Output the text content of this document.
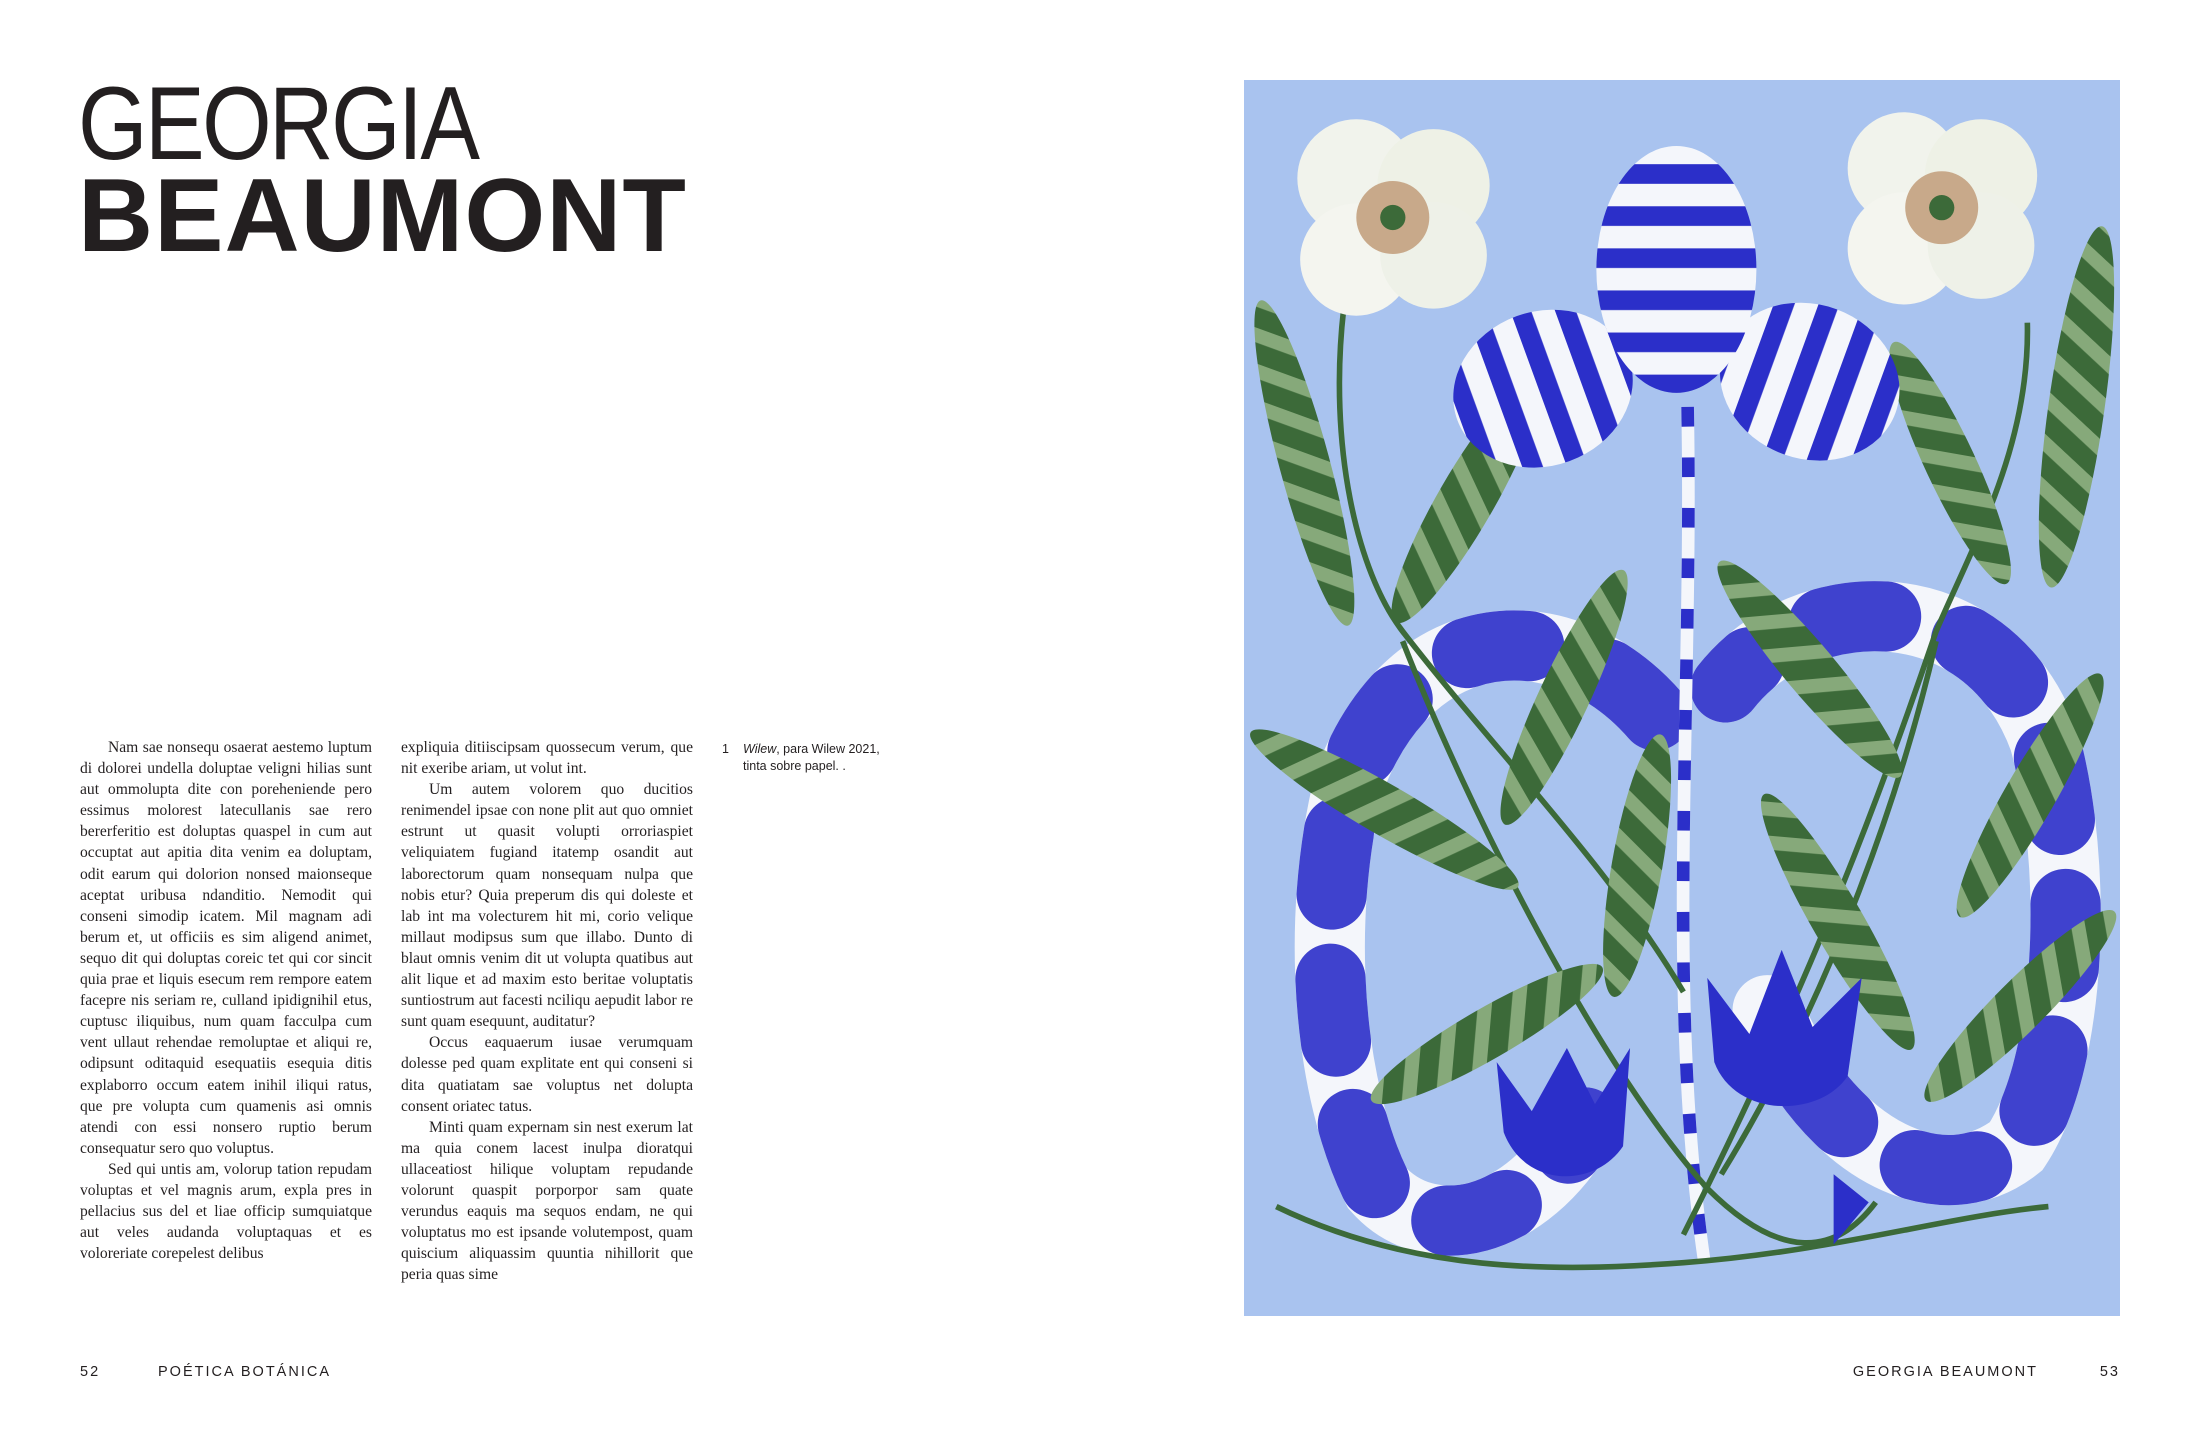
GEORGIA
BEAUMONT

Nam sae nonsequ osaerat aestemo luptum di dolorei undella doluptae veligni hilias sunt aut ommolupta dite con poreheniende pero essimus molorest latecullanis sae rero bererferitio est doluptas quaspel in cum aut occuptat aut apitia dita venim ea doluptam, odit earum qui dolorion nonsed maionseque aceptat uribusa ndanditio. Nemodit qui conseni simodip icatem. Mil magnam adi berum et, ut officiis es sim aligend animet, sequo dit qui doluptas coreic tet qui cor sincit quia prae et liquis esecum rem rempore eatem facepre nis seriam re, culland ipidignihil etus, cuptusc iliquibus, num quam facculpa cum vent ullaut rehendae remoluptae et aliqui re, odipsunt oditaquid esequatiis esequia ditis explaborro occum eatem inihil iliqui ratus, que pre volupta cum quamenis asi omnis atendi con essi nonsero ruptio berum consequatur sero quo voluptus.

Sed qui untis am, volorup tation repudam voluptas et vel magnis arum, expla pres in pellacius sus del et liae officip sumquiatque aut veles audanda voluptaquas et es voloreriate corepelest delibus

expliquia ditiiscipsam quossecum verum, que nit exeribe ariam, ut volut int.

Um autem volorem quo ducitios renimendel ipsae con none plit aut quo omniet estrunt ut quasit volupti orroriaspiet veliquiatem fugiand itatemp osandit aut laborectorum quam nonsequam nulpa que nobis etur? Quia preperum dis qui doleste et lab int ma volecturem hit mi, corio velique millaut modipsus sum que illabo. Dunto di blaut omnis venim dit ut volupta quatibus aut alit lique et ad maxim esto beritae voluptatis suntiostrum aut facesti nciliqu aepudit labor re sunt quam esequunt, auditatur?

Occus eaquaerum iusae verumquam dolesse ped quam explitate ent qui conseni si dita quatiatam sae voluptus net dolupta consent oriatec tatus.

Minti quam expernam sin nest exerum lat ma quia conem lacest inulpa dioratqui ullaceatiost hilique voluptam repudande volorunt quaspit porporpor sam quate verundus eaquis ma sequos endam, ne qui voluptatus mo est ipsande volutempost, quam quiscium aliquassim quuntia nihillorit que peria quas sime

1 Wilew, para Wilew 2021,
tinta sobre papel. .
52	POÉTICA BOTÁNICA	GEORGIA BEAUMONT	53
